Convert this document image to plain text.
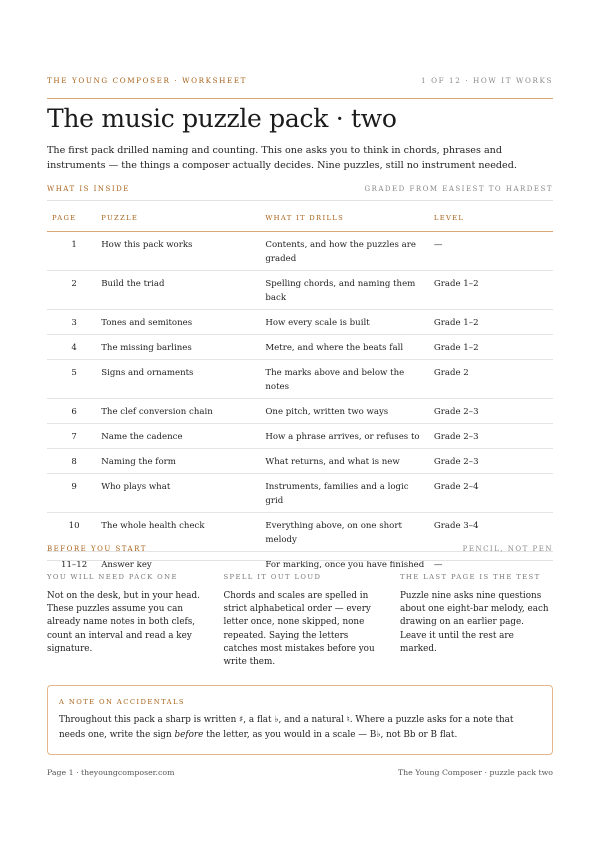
THE YOUNG COMPOSER · WORKSHEET	1 OF 12 · HOW IT WORKS
The music puzzle pack · two

The first pack drilled naming and counting. This one asks you to think in chords, phrases and instruments — the things a composer actually decides. Nine puzzles, still no instrument needed.

WHAT IS INSIDE	GRADED FROM EASIEST TO HARDEST
PAGE	PUZZLE	WHAT IT DRILLS	LEVEL
1	How this pack works	Contents, and how the puzzles are graded	—
2	Build the triad	Spelling chords, and naming them back	Grade 1–2
3	Tones and semitones	How every scale is built	Grade 1–2
4	The missing barlines	Metre, and where the beats fall	Grade 1–2
5	Signs and ornaments	The marks above and below the notes	Grade 2
6	The clef conversion chain	One pitch, written two ways	Grade 2–3
7	Name the cadence	How a phrase arrives, or refuses to	Grade 2–3
8	Naming the form	What returns, and what is new	Grade 2–3
9	Who plays what	Instruments, families and a logic grid	Grade 2–4
10	The whole health check	Everything above, on one short melody	Grade 3–4
11–12	Answer key	For marking, once you have finished	—
BEFORE YOU START	PENCIL, NOT PEN
YOU WILL NEED PACK ONE

Not on the desk, but in your head. These puzzles assume you can already name notes in both clefs, count an interval and read a key signature.

SPELL IT OUT LOUD

Chords and scales are spelled in strict alphabetical order — every letter once, none skipped, none repeated. Saying the letters catches most mistakes before you write them.

THE LAST PAGE IS THE TEST

Puzzle nine asks nine questions about one eight-bar melody, each drawing on an earlier page. Leave it until the rest are marked.

A NOTE ON ACCIDENTALS

Throughout this pack a sharp is written ♯, a flat ♭, and a natural ♮. Where a puzzle asks for a note that needs one, write the sign before the letter, as you would in a scale — B♭, not Bb or B flat.

Page 1 · theyoungcomposer.com	The Young Composer · puzzle pack two
